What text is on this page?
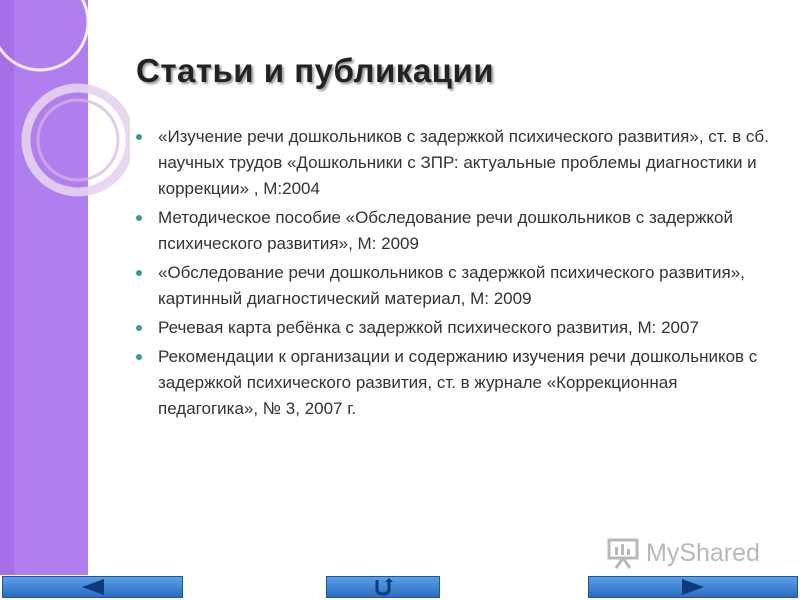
Статьи и публикации
«Изучение речи дошкольников с задержкой психического развития», ст. в сб. научных трудов «Дошкольники с ЗПР: актуальные проблемы диагностики и коррекции» , М:2004
Методическое пособие «Обследование речи дошкольников с задержкой психического развития», М: 2009
«Обследование речи дошкольников с задержкой психического развития», картинный диагностический материал, М: 2009
Речевая карта ребёнка с задержкой психического развития, М: 2007
Рекомендации к организации и содержанию изучения речи дошкольников с задержкой психического развития, ст. в журнале «Коррекционная педагогика», № 3, 2007 г.
MyShared
